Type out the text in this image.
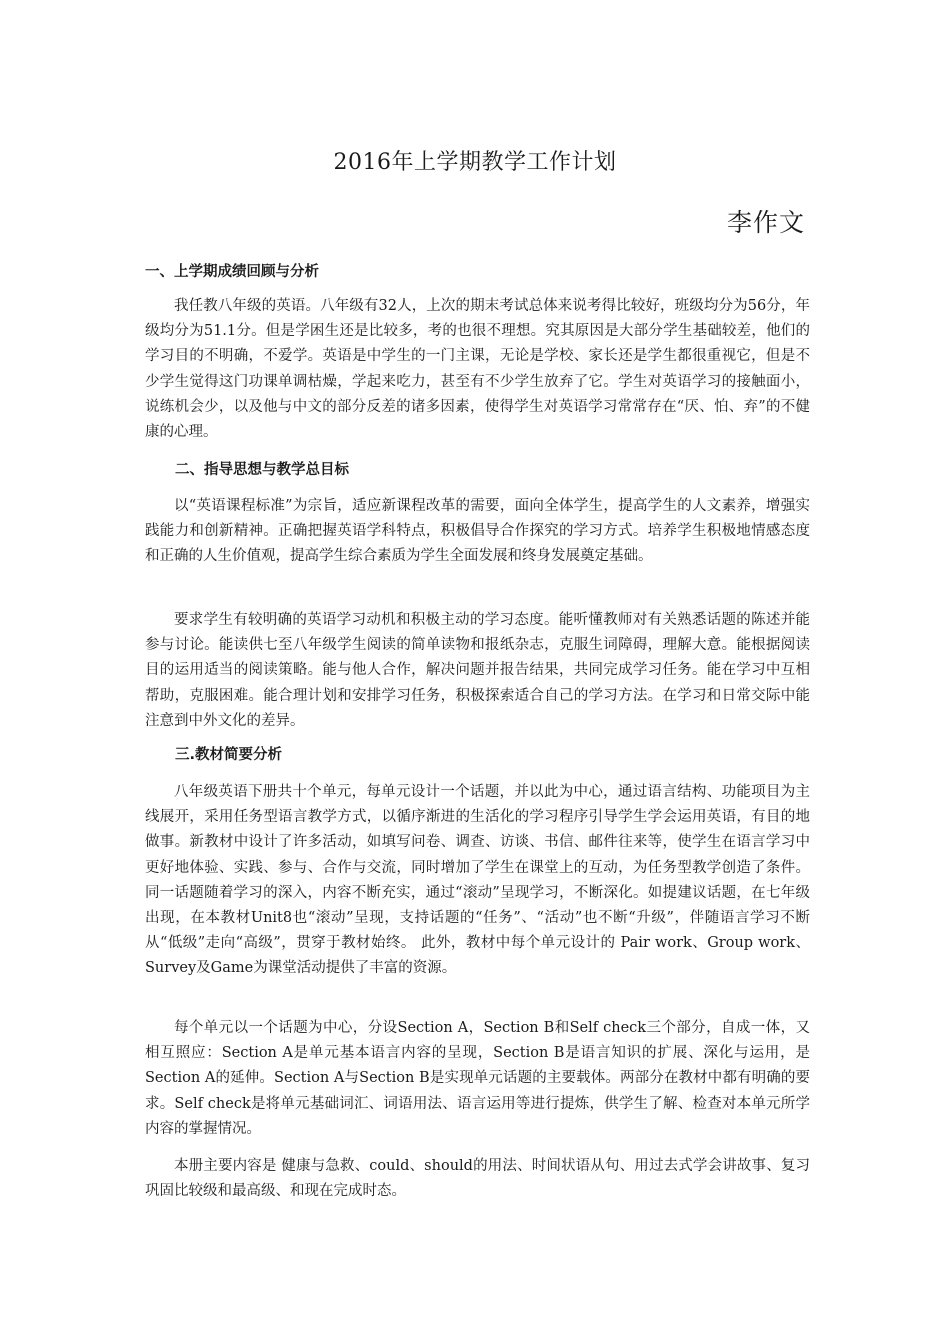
2016年上学期教学工作计划
李作文
一、上学期成绩回顾与分析

我任教八年级的英语。八年级有32人，上次的期末考试总体来说考得比较好，班级均分为56分，年级均分为51.1分。但是学困生还是比较多，考的也很不理想。究其原因是大部分学生基础较差，他们的学习目的不明确，不爱学。英语是中学生的一门主课，无论是学校、家长还是学生都很重视它，但是不少学生觉得这门功课单调枯燥，学起来吃力，甚至有不少学生放弃了它。学生对英语学习的接触面小，说练机会少，以及他与中文的部分反差的诸多因素，使得学生对英语学习常常存在“厌、怕、弃”的不健康的心理。

二、指导思想与教学总目标

以“英语课程标准”为宗旨，适应新课程改革的需要，面向全体学生，提高学生的人文素养，增强实践能力和创新精神。正确把握英语学科特点，积极倡导合作探究的学习方式。培养学生积极地情感态度和正确的人生价值观，提高学生综合素质为学生全面发展和终身发展奠定基础。

要求学生有较明确的英语学习动机和积极主动的学习态度。能听懂教师对有关熟悉话题的陈述并能参与讨论。能读供七至八年级学生阅读的简单读物和报纸杂志，克服生词障碍，理解大意。能根据阅读目的运用适当的阅读策略。能与他人合作，解决问题并报告结果，共同完成学习任务。能在学习中互相帮助，克服困难。能合理计划和安排学习任务，积极探索适合自己的学习方法。在学习和日常交际中能注意到中外文化的差异。

三.教材简要分析

八年级英语下册共十个单元，每单元设计一个话题，并以此为中心，通过语言结构、功能项目为主线展开，采用任务型语言教学方式，以循序渐进的生活化的学习程序引导学生学会运用英语，有目的地做事。新教材中设计了许多活动，如填写问卷、调查、访谈、书信、邮件往来等，使学生在语言学习中更好地体验、实践、参与、合作与交流，同时增加了学生在课堂上的互动，为任务型教学创造了条件。 同一话题随着学习的深入，内容不断充实，通过“滚动”呈现学习，不断深化。如提建议话题，在七年级出现，在本教材Unit8也“滚动”呈现，支持话题的“任务”、“活动”也不断“升级”，伴随语言学习不断从“低级”走向“高级”，贯穿于教材始终。 此外，教材中每个单元设计的 Pair work、Group work、Survey及Game为课堂活动提供了丰富的资源。

每个单元以一个话题为中心，分设Section A，Section B和Self check三个部分，自成一体，又相互照应：Section A是单元基本语言内容的呈现，Section B是语言知识的扩展、深化与运用，是Section A的延伸。Section A与Section B是实现单元话题的主要载体。两部分在教材中都有明确的要求。Self check是将单元基础词汇、词语用法、语言运用等进行提炼，供学生了解、检查对本单元所学内容的掌握情况。

本册主要内容是 健康与急救、could、should的用法、时间状语从句、用过去式学会讲故事、复习巩固比较级和最高级、和现在完成时态。
